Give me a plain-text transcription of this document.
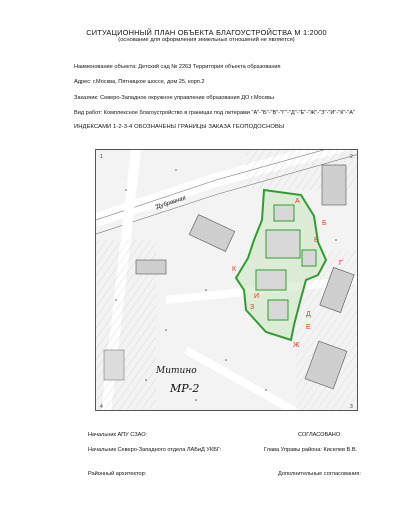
СИТУАЦИОННЫЙ ПЛАН ОБЪЕКТА БЛАГОУСТРОЙСТВА М 1:2000
(основание для оформления земельных отношений не является)
Наименование объекта: Детский сад № 2263 Территория объекта образования
Адрес: г.Москва, Пятницкое шоссе, дом 25, корп.2
Заказчик: Северо-Западное окружное управление образования ДО г.Москвы
Вид работ: Комплексное благоустройство в границах под литерами "А"-"Б"-"В"-"Г"-"Д"-"Е"-"Ж"-"З"-"И"-"К"-"А"
ИНДЕКСАМИ 1-2-3-4 ОБОЗНАЧЕНЫ ГРАНИЦЫ ЗАКАЗА ГЕОПОДОСНОВЫ
1	2
3
4
Дубравная
Митино
МР-2
А
Б
В
Г
Д
Е
Ж
З
И
К
Начальник АПУ СЗАО:
Начальник Северо-Западного отдела ЛАБиД УКБГ:
Районный архитектор:
СОГЛАСОВАНО:
Глава Управы района: Киселев В.В.
Дополнительные согласования:
